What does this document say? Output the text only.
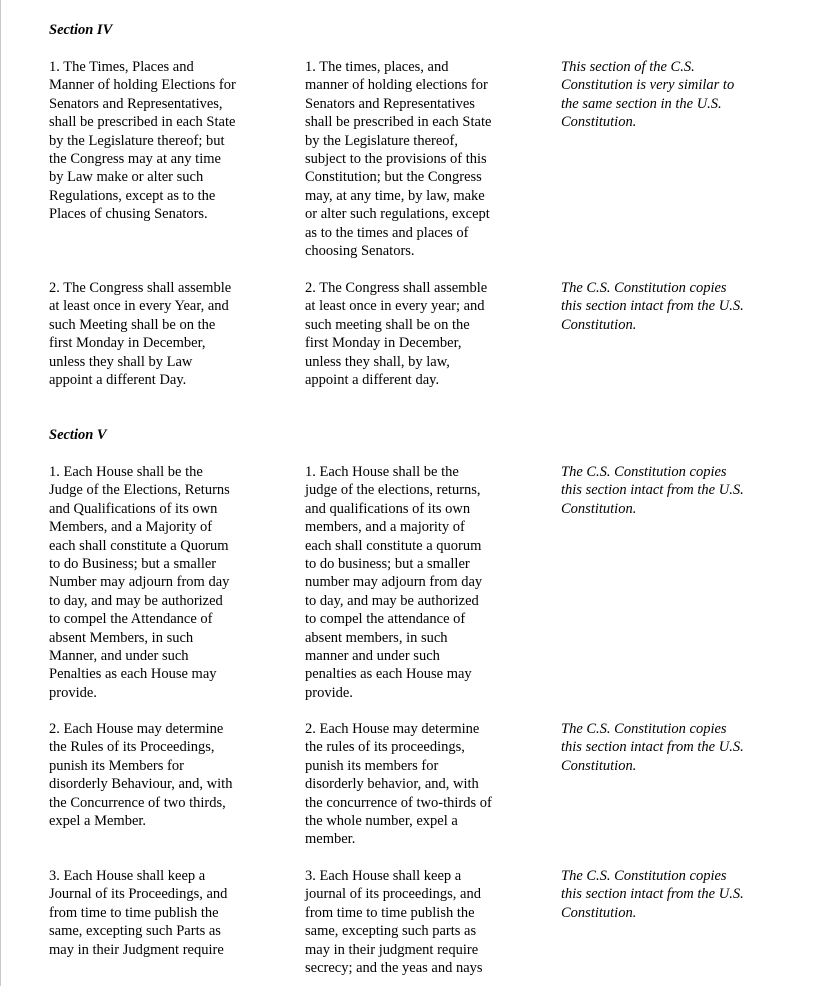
Section IV

1. The Times, Places and
Manner of holding Elections for
Senators and Representatives,
shall be prescribed in each State
by the Legislature thereof; but
the Congress may at any time
by Law make or alter such
Regulations, except as to the
Places of chusing Senators.

1. The times, places, and
manner of holding elections for
Senators and Representatives
shall be prescribed in each State
by the Legislature thereof,
subject to the provisions of this
Constitution; but the Congress
may, at any time, by law, make
or alter such regulations, except
as to the times and places of
choosing Senators.

This section of the C.S.
Constitution is very similar to
the same section in the U.S.
Constitution.

2. The Congress shall assemble
at least once in every Year, and
such Meeting shall be on the
first Monday in December,
unless they shall by Law
appoint a different Day.

2. The Congress shall assemble
at least once in every year; and
such meeting shall be on the
first Monday in December,
unless they shall, by law,
appoint a different day.

The C.S. Constitution copies
this section intact from the U.S.
Constitution.

Section V

1. Each House shall be the
Judge of the Elections, Returns
and Qualifications of its own
Members, and a Majority of
each shall constitute a Quorum
to do Business; but a smaller
Number may adjourn from day
to day, and may be authorized
to compel the Attendance of
absent Members, in such
Manner, and under such
Penalties as each House may
provide.

1. Each House shall be the
judge of the elections, returns,
and qualifications of its own
members, and a majority of
each shall constitute a quorum
to do business; but a smaller
number may adjourn from day
to day, and may be authorized
to compel the attendance of
absent members, in such
manner and under such
penalties as each House may
provide.

The C.S. Constitution copies
this section intact from the U.S.
Constitution.

2. Each House may determine
the Rules of its Proceedings,
punish its Members for
disorderly Behaviour, and, with
the Concurrence of two thirds,
expel a Member.

2. Each House may determine
the rules of its proceedings,
punish its members for
disorderly behavior, and, with
the concurrence of two-thirds of
the whole number, expel a
member.

The C.S. Constitution copies
this section intact from the U.S.
Constitution.

3. Each House shall keep a
Journal of its Proceedings, and
from time to time publish the
same, excepting such Parts as
may in their Judgment require

3. Each House shall keep a
journal of its proceedings, and
from time to time publish the
same, excepting such parts as
may in their judgment require
secrecy; and the yeas and nays

The C.S. Constitution copies
this section intact from the U.S.
Constitution.
